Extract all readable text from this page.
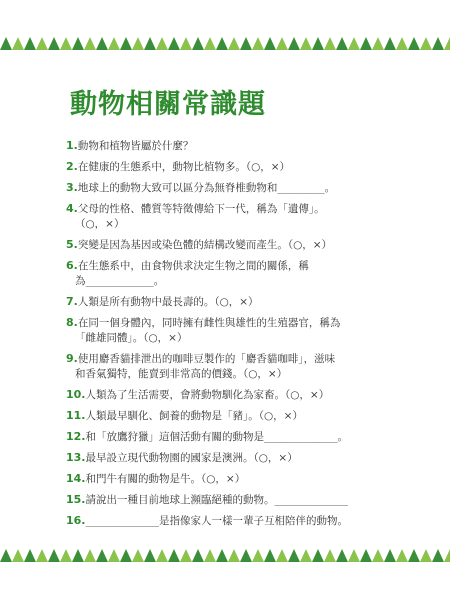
動物相關常識題
1.動物和植物皆屬於什麼？
2.在健康的生態系中，動物比植物多。（○，×）
3.地球上的動物大致可以區分為無脊椎動物和_________。
4.父母的性格、體質等特徵傳給下一代，稱為「遺傳」。
（○，×）
5.突變是因為基因或染色體的結構改變而產生。（○，×）
6.在生態系中，由食物供求決定生物之間的關係，稱
為_____________。
7.人類是所有動物中最長壽的。（○，×）
8.在同一個身體內，同時擁有雌性與雄性的生殖器官，稱為
「雌雄同體」。（○，×）
9.使用麝香貓排泄出的咖啡豆製作的「麝香貓咖啡」，滋味
和香氣獨特，能賣到非常高的價錢。（○，×）
10.人類為了生活需要，會將動物馴化為家畜。（○，×）
11.人類最早馴化、飼養的動物是「豬」。（○，×）
12.和「放鷹狩獵」這個活動有關的動物是______________。
13.最早設立現代動物園的國家是澳洲。（○，×）
14.和門牛有關的動物是牛。（○，×）
15.請說出一種目前地球上瀕臨絕種的動物。______________
16.______________是指像家人一樣一輩子互相陪伴的動物。
